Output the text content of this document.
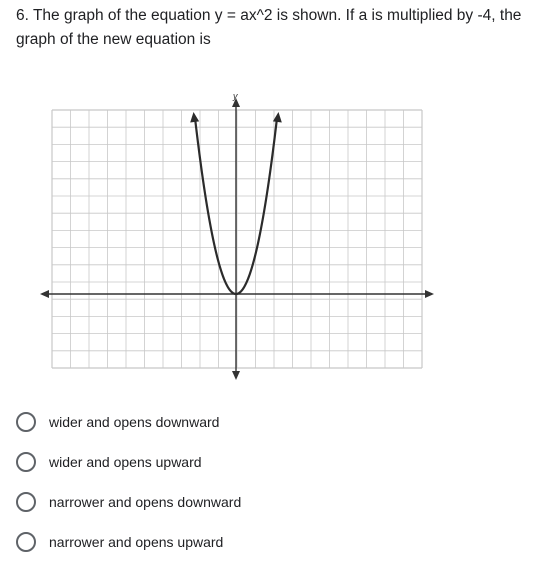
6. The graph of the equation y = ax^2 is shown. If a is multiplied by -4, the graph of the new equation is
y
wider and opens downward
wider and opens upward
narrower and opens downward
narrower and opens upward
